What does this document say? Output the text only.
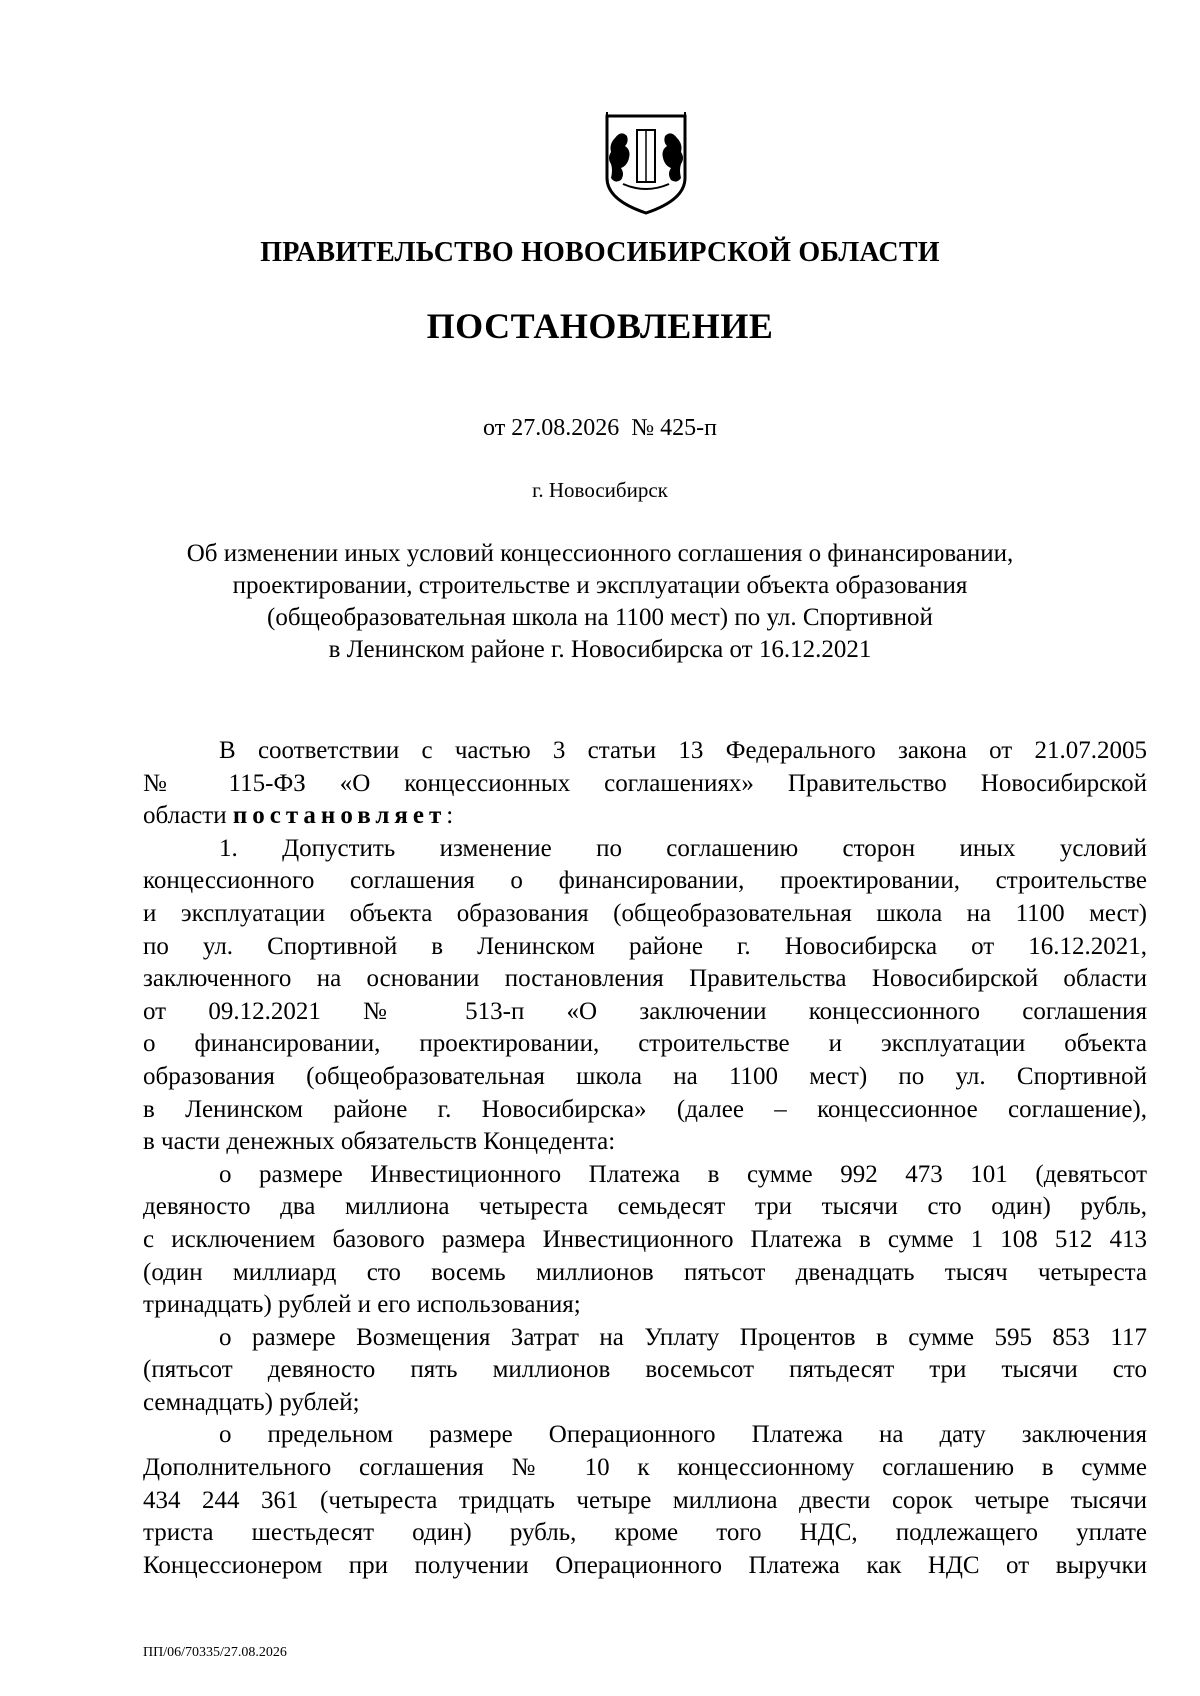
ПРАВИТЕЛЬСТВО НОВОСИБИРСКОЙ ОБЛАСТИ
ПОСТАНОВЛЕНИЕ
от 27.08.2026  № 425-п
г. Новосибирск
Об изменении иных условий концессионного соглашения о финансировании,
проектировании, строительстве и эксплуатации объекта образования
(общеобразовательная школа на 1100 мест) по ул. Спортивной
в Ленинском районе г. Новосибирска от 16.12.2021
В соответствии с частью 3 статьи 13 Федерального закона от 21.07.2005
№ 115-ФЗ «О концессионных соглашениях» Правительство Новосибирской
области постановляет:
1. Допустить изменение по соглашению сторон иных условий
концессионного соглашения о финансировании, проектировании, строительстве
и эксплуатации объекта образования (общеобразовательная школа на 1100 мест)
по ул. Спортивной в Ленинском районе г. Новосибирска от 16.12.2021,
заключенного на основании постановления Правительства Новосибирской области
от 09.12.2021 № 513-п «О заключении концессионного соглашения
о финансировании, проектировании, строительстве и эксплуатации объекта
образования (общеобразовательная школа на 1100 мест) по ул. Спортивной
в Ленинском районе г. Новосибирска» (далее – концессионное соглашение),
в части денежных обязательств Концедента:
о размере Инвестиционного Платежа в сумме 992 473 101 (девятьсот
девяносто два миллиона четыреста семьдесят три тысячи сто один) рубль,
с исключением базового размера Инвестиционного Платежа в сумме 1 108 512 413
(один миллиард сто восемь миллионов пятьсот двенадцать тысяч четыреста
тринадцать) рублей и его использования;
о размере Возмещения Затрат на Уплату Процентов в сумме 595 853 117
(пятьсот девяносто пять миллионов восемьсот пятьдесят три тысячи сто
семнадцать) рублей;
о предельном размере Операционного Платежа на дату заключения
Дополнительного соглашения № 10 к концессионному соглашению в сумме
434 244 361 (четыреста тридцать четыре миллиона двести сорок четыре тысячи
триста шестьдесят один) рубль, кроме того НДС, подлежащего уплате
Концессионером при получении Операционного Платежа как НДС от выручки
ПП/06/70335/27.08.2026
